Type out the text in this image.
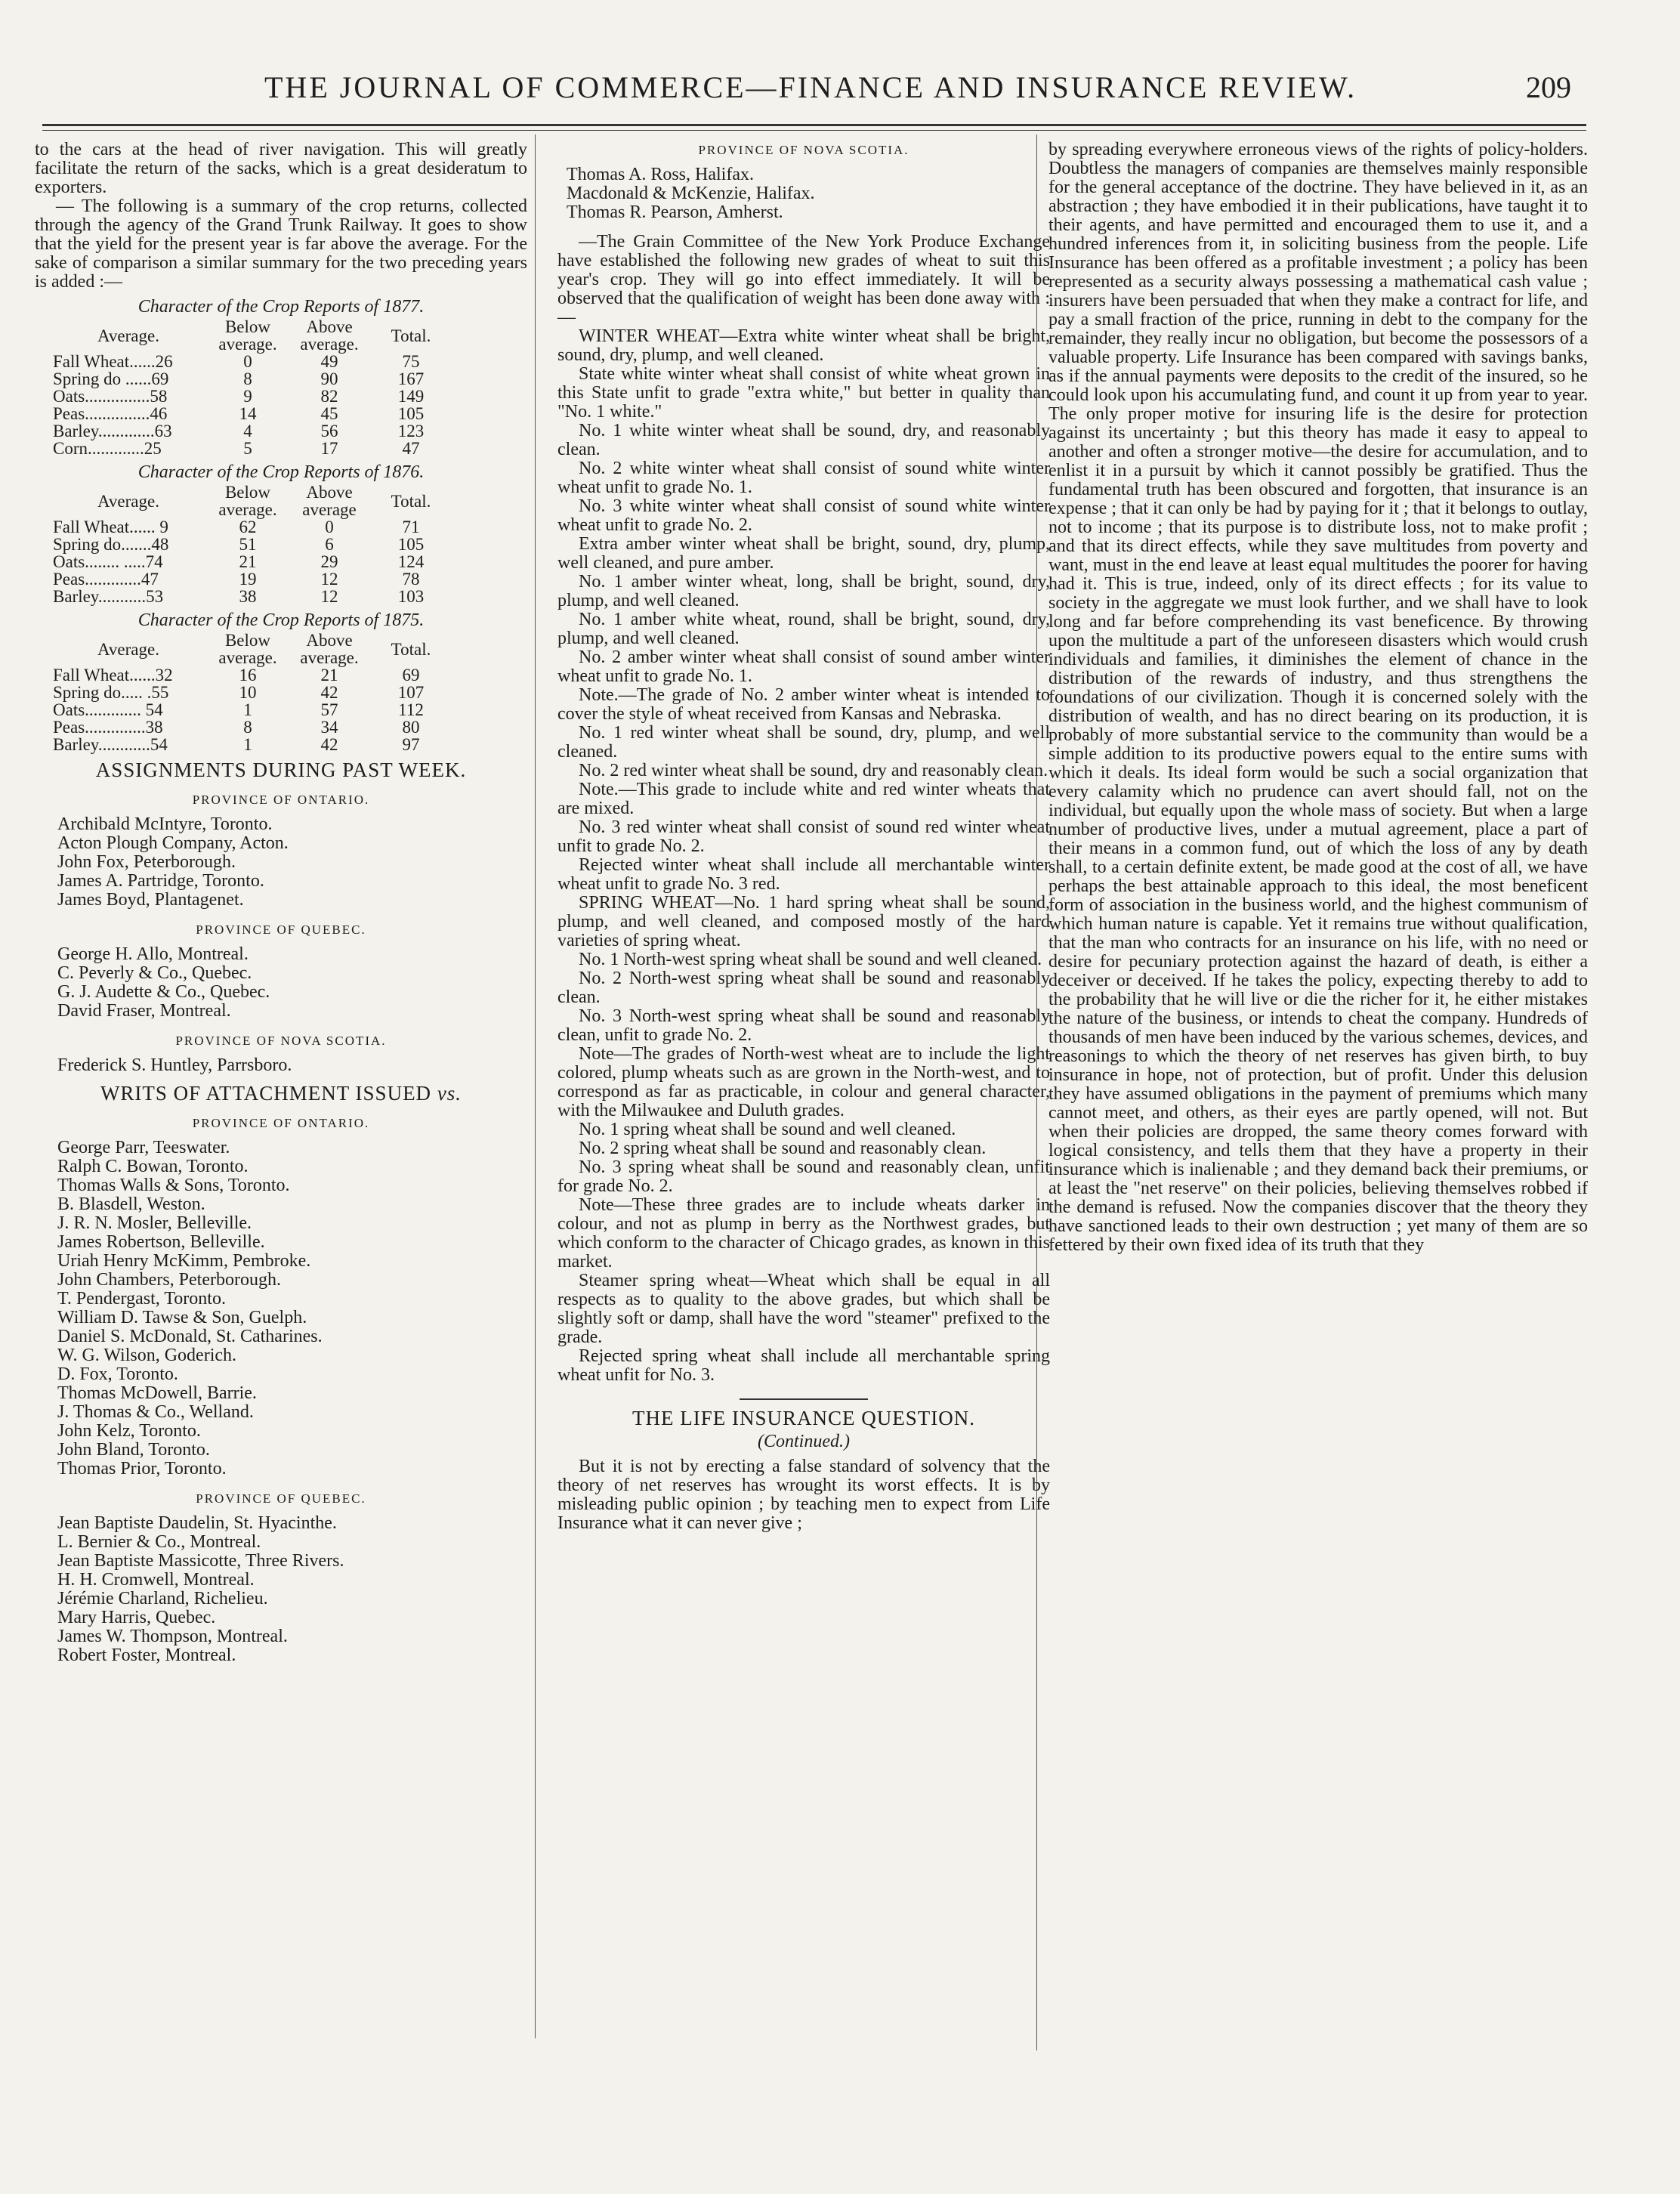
THE JOURNAL OF COMMERCE—FINANCE AND INSURANCE REVIEW.	209

to the cars at the head of river navigation. This will greatly facilitate the return of the sacks, which is a great desideratum to exporters.

— The following is a summary of the crop returns, collected through the agency of the Grand Trunk Railway. It goes to show that the yield for the present year is far above the average. For the sake of comparison a similar summary for the two preceding years is added :—

Character of the Crop Reports of 1877.
Average.	Below average.	Above average.	Total.
Fall Wheat......26	0	49	75
Spring do ......69	8	90	167
Oats...............58	9	82	149
Peas...............46	14	45	105
Barley.............63	4	56	123
Corn.............25	5	17	47
Character of the Crop Reports of 1876.
Average.	Below average.	Above average	Total.
Fall Wheat...... 9	62	0	71
Spring do.......48	51	6	105
Oats........ .....74	21	29	124
Peas.............47	19	12	78
Barley...........53	38	12	103
Character of the Crop Reports of 1875.
Average.	Below average.	Above average.	Total.
Fall Wheat......32	16	21	69
Spring do..... .55	10	42	107
Oats............. 54	1	57	112
Peas..............38	8	34	80
Barley............54	1	42	97
ASSIGNMENTS DURING PAST WEEK.
PROVINCE OF ONTARIO.

Archibald McIntyre, Toronto.

Acton Plough Company, Acton.

John Fox, Peterborough.

James A. Partridge, Toronto.

James Boyd, Plantagenet.

PROVINCE OF QUEBEC.

George H. Allo, Montreal.

C. Peverly & Co., Quebec.

G. J. Audette & Co., Quebec.

David Fraser, Montreal.

PROVINCE OF NOVA SCOTIA.

Frederick S. Huntley, Parrsboro.

WRITS OF ATTACHMENT ISSUED vs.
PROVINCE OF ONTARIO.

George Parr, Teeswater.

Ralph C. Bowan, Toronto.

Thomas Walls & Sons, Toronto.

B. Blasdell, Weston.

J. R. N. Mosler, Belleville.

James Robertson, Belleville.

Uriah Henry McKimm, Pembroke.

John Chambers, Peterborough.

T. Pendergast, Toronto.

William D. Tawse & Son, Guelph.

Daniel S. McDonald, St. Catharines.

W. G. Wilson, Goderich.

D. Fox, Toronto.

Thomas McDowell, Barrie.

J. Thomas & Co., Welland.

John Kelz, Toronto.

John Bland, Toronto.

Thomas Prior, Toronto.

PROVINCE OF QUEBEC.

Jean Baptiste Daudelin, St. Hyacinthe.

L. Bernier & Co., Montreal.

Jean Baptiste Massicotte, Three Rivers.

H. H. Cromwell, Montreal.

Jérémie Charland, Richelieu.

Mary Harris, Quebec.

James W. Thompson, Montreal.

Robert Foster, Montreal.

PROVINCE OF NOVA SCOTIA.

Thomas A. Ross, Halifax.

Macdonald & McKenzie, Halifax.

Thomas R. Pearson, Amherst.

—The Grain Committee of the New York Produce Exchange have established the following new grades of wheat to suit this year's crop. They will go into effect immediately. It will be observed that the qualification of weight has been done away with :—

WINTER WHEAT—Extra white winter wheat shall be bright, sound, dry, plump, and well cleaned.

State white winter wheat shall consist of white wheat grown in this State unfit to grade "extra white," but better in quality than "No. 1 white."

No. 1 white winter wheat shall be sound, dry, and reasonably clean.

No. 2 white winter wheat shall consist of sound white winter wheat unfit to grade No. 1.

No. 3 white winter wheat shall consist of sound white winter wheat unfit to grade No. 2.

Extra amber winter wheat shall be bright, sound, dry, plump, well cleaned, and pure amber.

No. 1 amber winter wheat, long, shall be bright, sound, dry, plump, and well cleaned.

No. 1 amber white wheat, round, shall be bright, sound, dry, plump, and well cleaned.

No. 2 amber winter wheat shall consist of sound amber winter wheat unfit to grade No. 1.

Note.—The grade of No. 2 amber winter wheat is intended to cover the style of wheat received from Kansas and Nebraska.

No. 1 red winter wheat shall be sound, dry, plump, and well cleaned.

No. 2 red winter wheat shall be sound, dry and reasonably clean.

Note.—This grade to include white and red winter wheats that are mixed.

No. 3 red winter wheat shall consist of sound red winter wheat unfit to grade No. 2.

Rejected winter wheat shall include all merchantable winter wheat unfit to grade No. 3 red.

SPRING WHEAT—No. 1 hard spring wheat shall be sound, plump, and well cleaned, and composed mostly of the hard varieties of spring wheat.

No. 1 North-west spring wheat shall be sound and well cleaned.

No. 2 North-west spring wheat shall be sound and reasonably clean.

No. 3 North-west spring wheat shall be sound and reasonably clean, unfit to grade No. 2.

Note—The grades of North-west wheat are to include the light colored, plump wheats such as are grown in the North-west, and to correspond as far as practicable, in colour and general character, with the Milwaukee and Duluth grades.

No. 1 spring wheat shall be sound and well cleaned.

No. 2 spring wheat shall be sound and reasonably clean.

No. 3 spring wheat shall be sound and reasonably clean, unfit for grade No. 2.

Note—These three grades are to include wheats darker in colour, and not as plump in berry as the Northwest grades, but which conform to the character of Chicago grades, as known in this market.

Steamer spring wheat—Wheat which shall be equal in all respects as to quality to the above grades, but which shall be slightly soft or damp, shall have the word "steamer" prefixed to the grade.

Rejected spring wheat shall include all merchantable spring wheat unfit for No. 3.

THE LIFE INSURANCE QUESTION.
(Continued.)

But it is not by erecting a false standard of solvency that the theory of net reserves has wrought its worst effects. It is by misleading public opinion ; by teaching men to expect from Life Insurance what it can never give ;

by spreading everywhere erroneous views of the rights of policy-holders. Doubtless the managers of companies are themselves mainly responsible for the general acceptance of the doctrine. They have believed in it, as an abstraction ; they have embodied it in their publications, have taught it to their agents, and have permitted and encouraged them to use it, and a hundred inferences from it, in soliciting business from the people. Life Insurance has been offered as a profitable investment ; a policy has been represented as a security always possessing a mathematical cash value ; insurers have been persuaded that when they make a contract for life, and pay a small fraction of the price, running in debt to the company for the remainder, they really incur no obligation, but become the possessors of a valuable property. Life Insurance has been compared with savings banks, as if the annual payments were deposits to the credit of the insured, so he could look upon his accumulating fund, and count it up from year to year. The only proper motive for insuring life is the desire for protection against its uncertainty ; but this theory has made it easy to appeal to another and often a stronger motive—the desire for accumulation, and to enlist it in a pursuit by which it cannot possibly be gratified. Thus the fundamental truth has been obscured and forgotten, that insurance is an expense ; that it can only be had by paying for it ; that it belongs to outlay, not to income ; that its purpose is to distribute loss, not to make profit ; and that its direct effects, while they save multitudes from poverty and want, must in the end leave at least equal multitudes the poorer for having had it. This is true, indeed, only of its direct effects ; for its value to society in the aggregate we must look further, and we shall have to look long and far before comprehending its vast beneficence. By throwing upon the multitude a part of the unforeseen disasters which would crush individuals and families, it diminishes the element of chance in the distribution of the rewards of industry, and thus strengthens the foundations of our civilization. Though it is concerned solely with the distribution of wealth, and has no direct bearing on its production, it is probably of more substantial service to the community than would be a simple addition to its productive powers equal to the entire sums with which it deals. Its ideal form would be such a social organization that every calamity which no prudence can avert should fall, not on the individual, but equally upon the whole mass of society. But when a large number of productive lives, under a mutual agreement, place a part of their means in a common fund, out of which the loss of any by death shall, to a certain definite extent, be made good at the cost of all, we have perhaps the best attainable approach to this ideal, the most beneficent form of association in the business world, and the highest communism of which human nature is capable. Yet it remains true without qualification, that the man who contracts for an insurance on his life, with no need or desire for pecuniary protection against the hazard of death, is either a deceiver or deceived. If he takes the policy, expecting thereby to add to the probability that he will live or die the richer for it, he either mistakes the nature of the business, or intends to cheat the company. Hundreds of thousands of men have been induced by the various schemes, devices, and reasonings to which the theory of net reserves has given birth, to buy insurance in hope, not of protection, but of profit. Under this delusion they have assumed obligations in the payment of premiums which many cannot meet, and others, as their eyes are partly opened, will not. But when their policies are dropped, the same theory comes forward with logical consistency, and tells them that they have a property in their insurance which is inalienable ; and they demand back their premiums, or at least the "net reserve" on their policies, believing themselves robbed if the demand is refused. Now the companies discover that the theory they have sanctioned leads to their own destruction ; yet many of them are so fettered by their own fixed idea of its truth that they
